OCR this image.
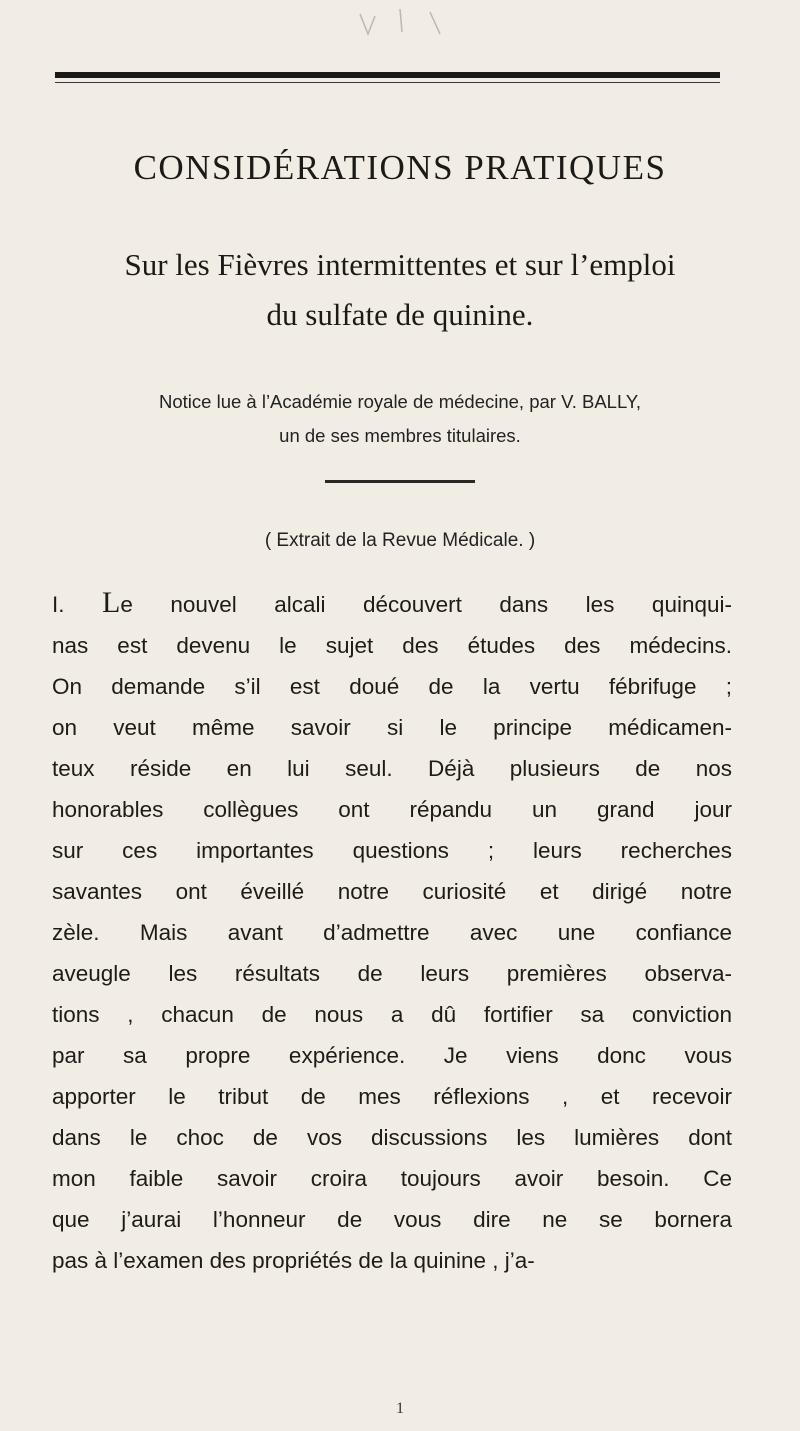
CONSIDÉRATIONS PRATIQUES
Sur les Fièvres intermittentes et sur l’emploi
du sulfate de quinine.
Notice lue à l’Académie royale de médecine, par V. BALLY,
un de ses membres titulaires.
( Extrait de la Revue Médicale. )
I. Le nouvel alcali découvert dans les quinqui-
nas est devenu le sujet des études des médecins.
On demande s’il est doué de la vertu fébrifuge ;
on veut même savoir si le principe médicamen-
teux réside en lui seul. Déjà plusieurs de nos
honorables collègues ont répandu un grand jour
sur ces importantes questions ; leurs recherches
savantes ont éveillé notre curiosité et dirigé notre
zèle. Mais avant d’admettre avec une confiance
aveugle les résultats de leurs premières observa-
tions , chacun de nous a dû fortifier sa conviction
par sa propre expérience. Je viens donc vous
apporter le tribut de mes réflexions , et recevoir
dans le choc de vos discussions les lumières dont
mon faible savoir croira toujours avoir besoin. Ce
que j’aurai l’honneur de vous dire ne se bornera
pas à l’examen des propriétés de la quinine , j’a-
1
